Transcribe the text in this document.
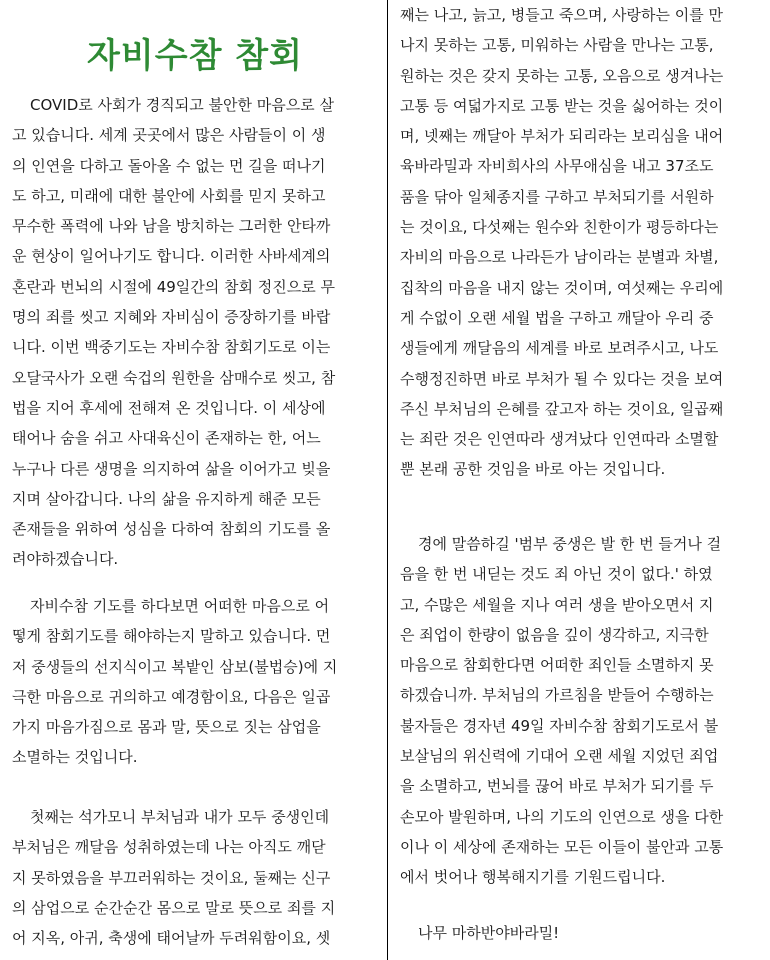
자비수참 참회

COVID로 사회가 경직되고 불안한 마음으로 살
고 있습니다. 세계 곳곳에서 많은 사람들이 이 생
의 인연을 다하고 돌아올 수 없는 먼 길을 떠나기
도 하고, 미래에 대한 불안에 사회를 믿지 못하고
무수한 폭력에 나와 남을 방치하는 그러한 안타까
운 현상이 일어나기도 합니다. 이러한 사바세계의
혼란과 번뇌의 시절에 49일간의 참회 정진으로 무
명의 죄를 씻고 지혜와 자비심이 증장하기를 바랍
니다. 이번 백중기도는 자비수참 참회기도로 이는
오달국사가 오랜 숙겁의 원한을 삼매수로 씻고, 참
법을 지어 후세에 전해져 온 것입니다. 이 세상에
태어나 숨을 쉬고 사대육신이 존재하는 한, 어느
누구나 다른 생명을 의지하여 삶을 이어가고 빚을
지며 살아갑니다. 나의 삶을 유지하게 해준 모든
존재들을 위하여 성심을 다하여 참회의 기도를 올
려야하겠습니다.

자비수참 기도를 하다보면 어떠한 마음으로 어
떻게 참회기도를 해야하는지 말하고 있습니다. 먼
저 중생들의 선지식이고 복밭인 삼보(불법승)에 지
극한 마음으로 귀의하고 예경함이요, 다음은 일곱
가지 마음가짐으로 몸과 말, 뜻으로 짓는 삼업을
소멸하는 것입니다.

첫째는 석가모니 부처님과 내가 모두 중생인데
부처님은 깨달음 성취하였는데 나는 아직도 깨닫
지 못하였음을 부끄러워하는 것이요, 둘째는 신구
의 삼업으로 순간순간 몸으로 말로 뜻으로 죄를 지
어 지옥, 아귀, 축생에 태어날까 두려워함이요, 셋

째는 나고, 늙고, 병들고 죽으며, 사랑하는 이를 만
나지 못하는 고통, 미워하는 사람을 만나는 고통,
원하는 것은 갖지 못하는 고통, 오음으로 생겨나는
고통 등 여덟가지로 고통 받는 것을 싫어하는 것이
며, 넷째는 깨달아 부처가 되리라는 보리심을 내어
육바라밀과 자비희사의 사무애심을 내고 37조도
품을 닦아 일체종지를 구하고 부처되기를 서원하
는 것이요, 다섯째는 원수와 친한이가 평등하다는
자비의 마음으로 나라든가 남이라는 분별과 차별,
집착의 마음을 내지 않는 것이며, 여섯째는 우리에
게 수없이 오랜 세월 법을 구하고 깨달아 우리 중
생들에게 깨달음의 세계를 바로 보려주시고, 나도
수행정진하면 바로 부처가 될 수 있다는 것을 보여
주신 부처님의 은혜를 갚고자 하는 것이요, 일곱째
는 죄란 것은 인연따라 생겨났다 인연따라 소멸할
뿐 본래 공한 것임을 바로 아는 것입니다.

경에 말씀하길 '범부 중생은 발 한 번 들거나 걸
음을 한 번 내딛는 것도 죄 아닌 것이 없다.' 하였
고, 수많은 세월을 지나 여러 생을 받아오면서 지
은 죄업이 한량이 없음을 깊이 생각하고, 지극한
마음으로 참회한다면 어떠한 죄인들 소멸하지 못
하겠습니까. 부처님의 가르침을 받들어 수행하는
불자들은 경자년 49일 자비수참 참회기도로서 불
보살님의 위신력에 기대어 오랜 세월 지었던 죄업
을 소멸하고, 번뇌를 끊어 바로 부처가 되기를 두
손모아 발원하며, 나의 기도의 인연으로 생을 다한
이나 이 세상에 존재하는 모든 이들이 불안과 고통
에서 벗어나 행복해지기를 기원드립니다.

나무 마하반야바라밀!
